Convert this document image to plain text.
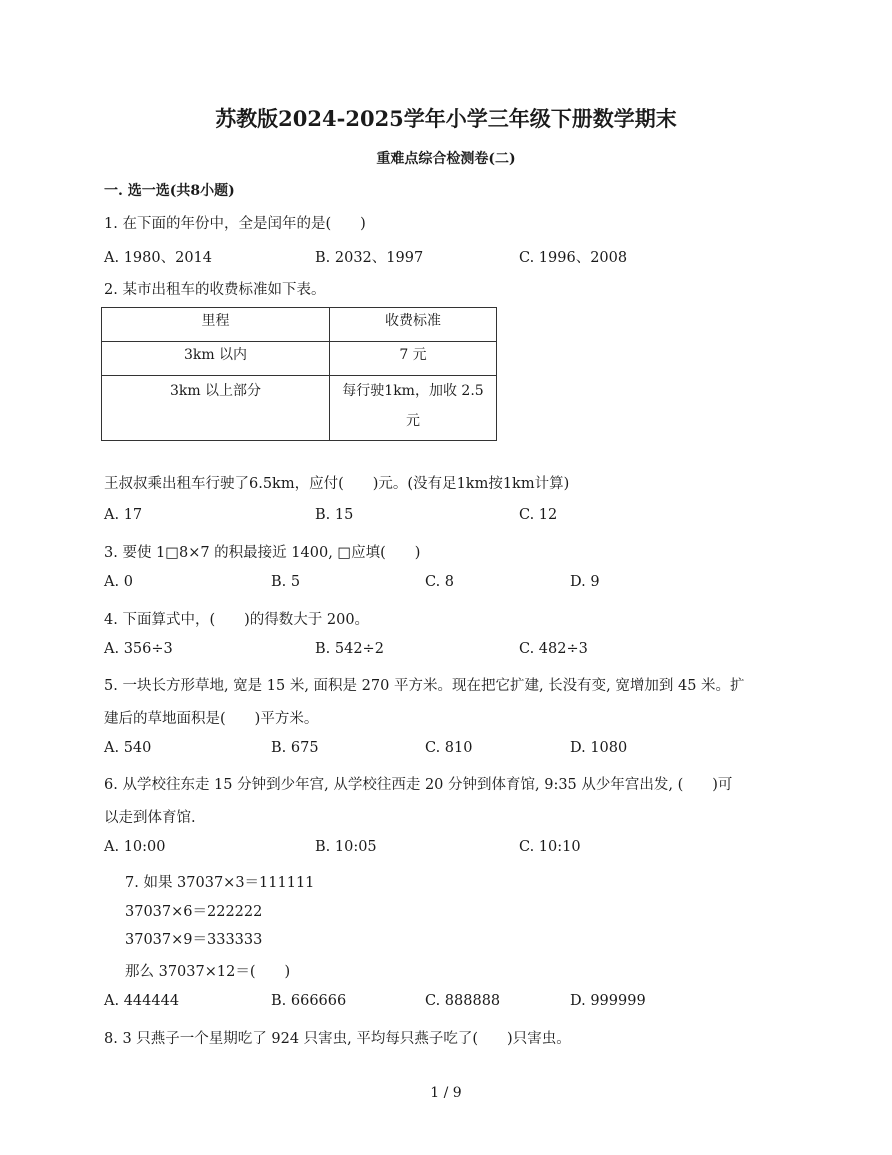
苏教版2024-2025学年小学三年级下册数学期末
重难点综合检测卷(二)
一. 选一选(共8小题)
1. 在下面的年份中，全是闰年的是(　　)
A. 1980、2014	B. 2032、1997	C. 1996、2008
2. 某市出租车的收费标准如下表。
里程	收费标准
3km 以内	7 元
3km 以上部分	每行驶1km，加收 2.5
元
王叔叔乘出租车行驶了6.5km，应付(　　)元。(没有足1km按1km计算)
A. 17	B. 15	C. 12
3. 要使 1□8×7 的积最接近 1400, □应填(　　)
A. 0	B. 5	C. 8	D. 9
4. 下面算式中，(　　)的得数大于 200。
A. 356÷3	B. 542÷2	C. 482÷3
5. 一块长方形草地, 宽是 15 米, 面积是 270 平方米。现在把它扩建, 长没有变, 宽增加到 45 米。扩
建后的草地面积是(　　)平方米。
A. 540	B. 675	C. 810	D. 1080
6. 从学校往东走 15 分钟到少年宫, 从学校往西走 20 分钟到体育馆, 9:35 从少年宫出发, (　　)可
以走到体育馆.
A. 10:00	B. 10:05	C. 10:10
7. 如果 37037×3＝111111
37037×6＝222222
37037×9＝333333
那么 37037×12＝(　　)
A. 444444	B. 666666	C. 888888	D. 999999
8. 3 只燕子一个星期吃了 924 只害虫, 平均每只燕子吃了(　　)只害虫。
1 / 9
